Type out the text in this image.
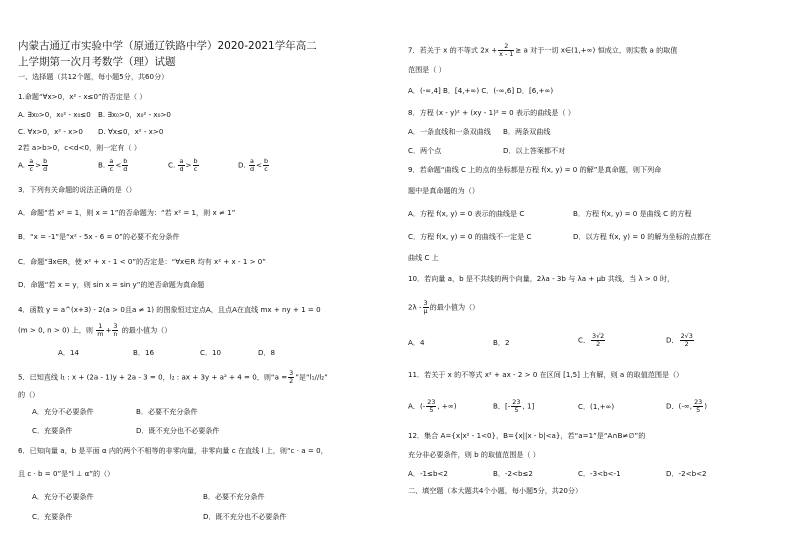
内蒙古通辽市实验中学（原通辽铁路中学）2020-2021学年高二
上学期第一次月考数学（理）试题
一、选择题（共12个题，每小题5分，共60分）
1.命题“∀x>0，x² - x≤0”的否定是（ ）
A. ∃x₀>0，x₀² - x₀≤0 B. ∃x₀>0，x₀² - x₀>0
C. ∀x>0，x² - x>0 D. ∀x≤0，x² - x>0
2若 a>b>0，c<d<0，则一定有（ ）
A. $\frac{a}{c} > \frac{b}{d}$	B. $\frac{a}{c} < \frac{b}{d}$	C. $\frac{a}{d} > \frac{b}{c}$	D. $\frac{a}{d} < \frac{b}{c}$
3．下列有关命题的说法正确的是（）
A．命题“若 x² = 1，则 x = 1”的否命题为：“若 x² = 1，则 x ≠ 1”
B．“x = -1”是“x² - 5x - 6 = 0”的必要不充分条件
C．命题“∃x∈R，使 x² + x - 1 < 0”的否定是：“∀x∈R 均有 x² + x - 1 > 0”
D．命题“若 x = y，则 sin x = sin y”的逆否命题为真命题
4．函数 y = a^(x+3) - 2(a > 0且a ≠ 1) 的图象恒过定点A，且点A在直线 mx + ny + 1 = 0
(m > 0, n > 0) 上，则 $\frac{1}{m} + \frac{3}{n}$ 的最小值为（）
A．14	B．16	C．10	D．8
5．已知直线 l₁ : x + (2a - 1)y + 2a - 3 = 0，l₂ : ax + 3y + a² + 4 = 0，则“$a = \frac{3}{2}$ ”是“l₁//l₂”
的（）
A．充分不必要条件	B．必要不充分条件
C．充要条件	D．既不充分也不必要条件
6．已知向量 a，b 是平面 α 内的两个不相等的非零向量，非零向量 c 在直线 l 上，则“c · a = 0，
且 c · b = 0”是“l ⊥ α”的（）
A．充分不必要条件	B．必要不充分条件
C．充要条件	D．既不充分也不必要条件
7．若关于 x 的不等式 $2x + \frac{2}{x - 1} \ge a$ 对于一切 x∈(1,+∞) 恒成立，则实数 a 的取值
范围是（ ）
A．(-∞,4] B．[4,+∞) C．(-∞,6] D．[6,+∞)
8．方程 (x - y)² + (xy - 1)² = 0 表示的曲线是（ ）
A．一条直线和一条双曲线 B．两条双曲线
C．两个点	D．以上答案都不对
9．若命题“曲线 C 上的点的坐标都是方程 f(x, y) = 0 的解”是真命题，则下列命
题中是真命题的为（）
A．方程 f(x, y) = 0 表示的曲线是 C	B．方程 f(x, y) = 0 是曲线 C 的方程
C．方程 f(x, y) = 0 的曲线不一定是 C	D．以方程 f(x, y) = 0 的解为坐标的点都在
曲线 C 上
10．若向量 a，b 是不共线的两个向量，2λa - 3b 与 λa + μb 共线，当 λ > 0 时，
$2\lambda - \frac{3}{\mu}$ 的最小值为（）
A．4	B．2	C． $\frac{3√2}{2}$	D． $\frac{2√3}{2}$
11．若关于 x 的不等式 x² + ax - 2 > 0 在区间 [1,5] 上有解，则 a 的取值范围是（）
A．(- $\frac{23}{5}$ , +∞)	B．[- $\frac{23}{5}$ , 1]	C．(1,+∞)	D．(-∞, $\frac{23}{5}$ )
12．集合 A={x|x² - 1<0}，B={x||x - b|<a}，若“a=1”是“A∩B≠∅”的
充分非必要条件，则 b 的取值范围是（ ）
A．-1≤b<2	B．-2<b≤2	C．-3<b<-1	D．-2<b<2
二、填空题（本大题共4个小题，每小题5分，共20分）
